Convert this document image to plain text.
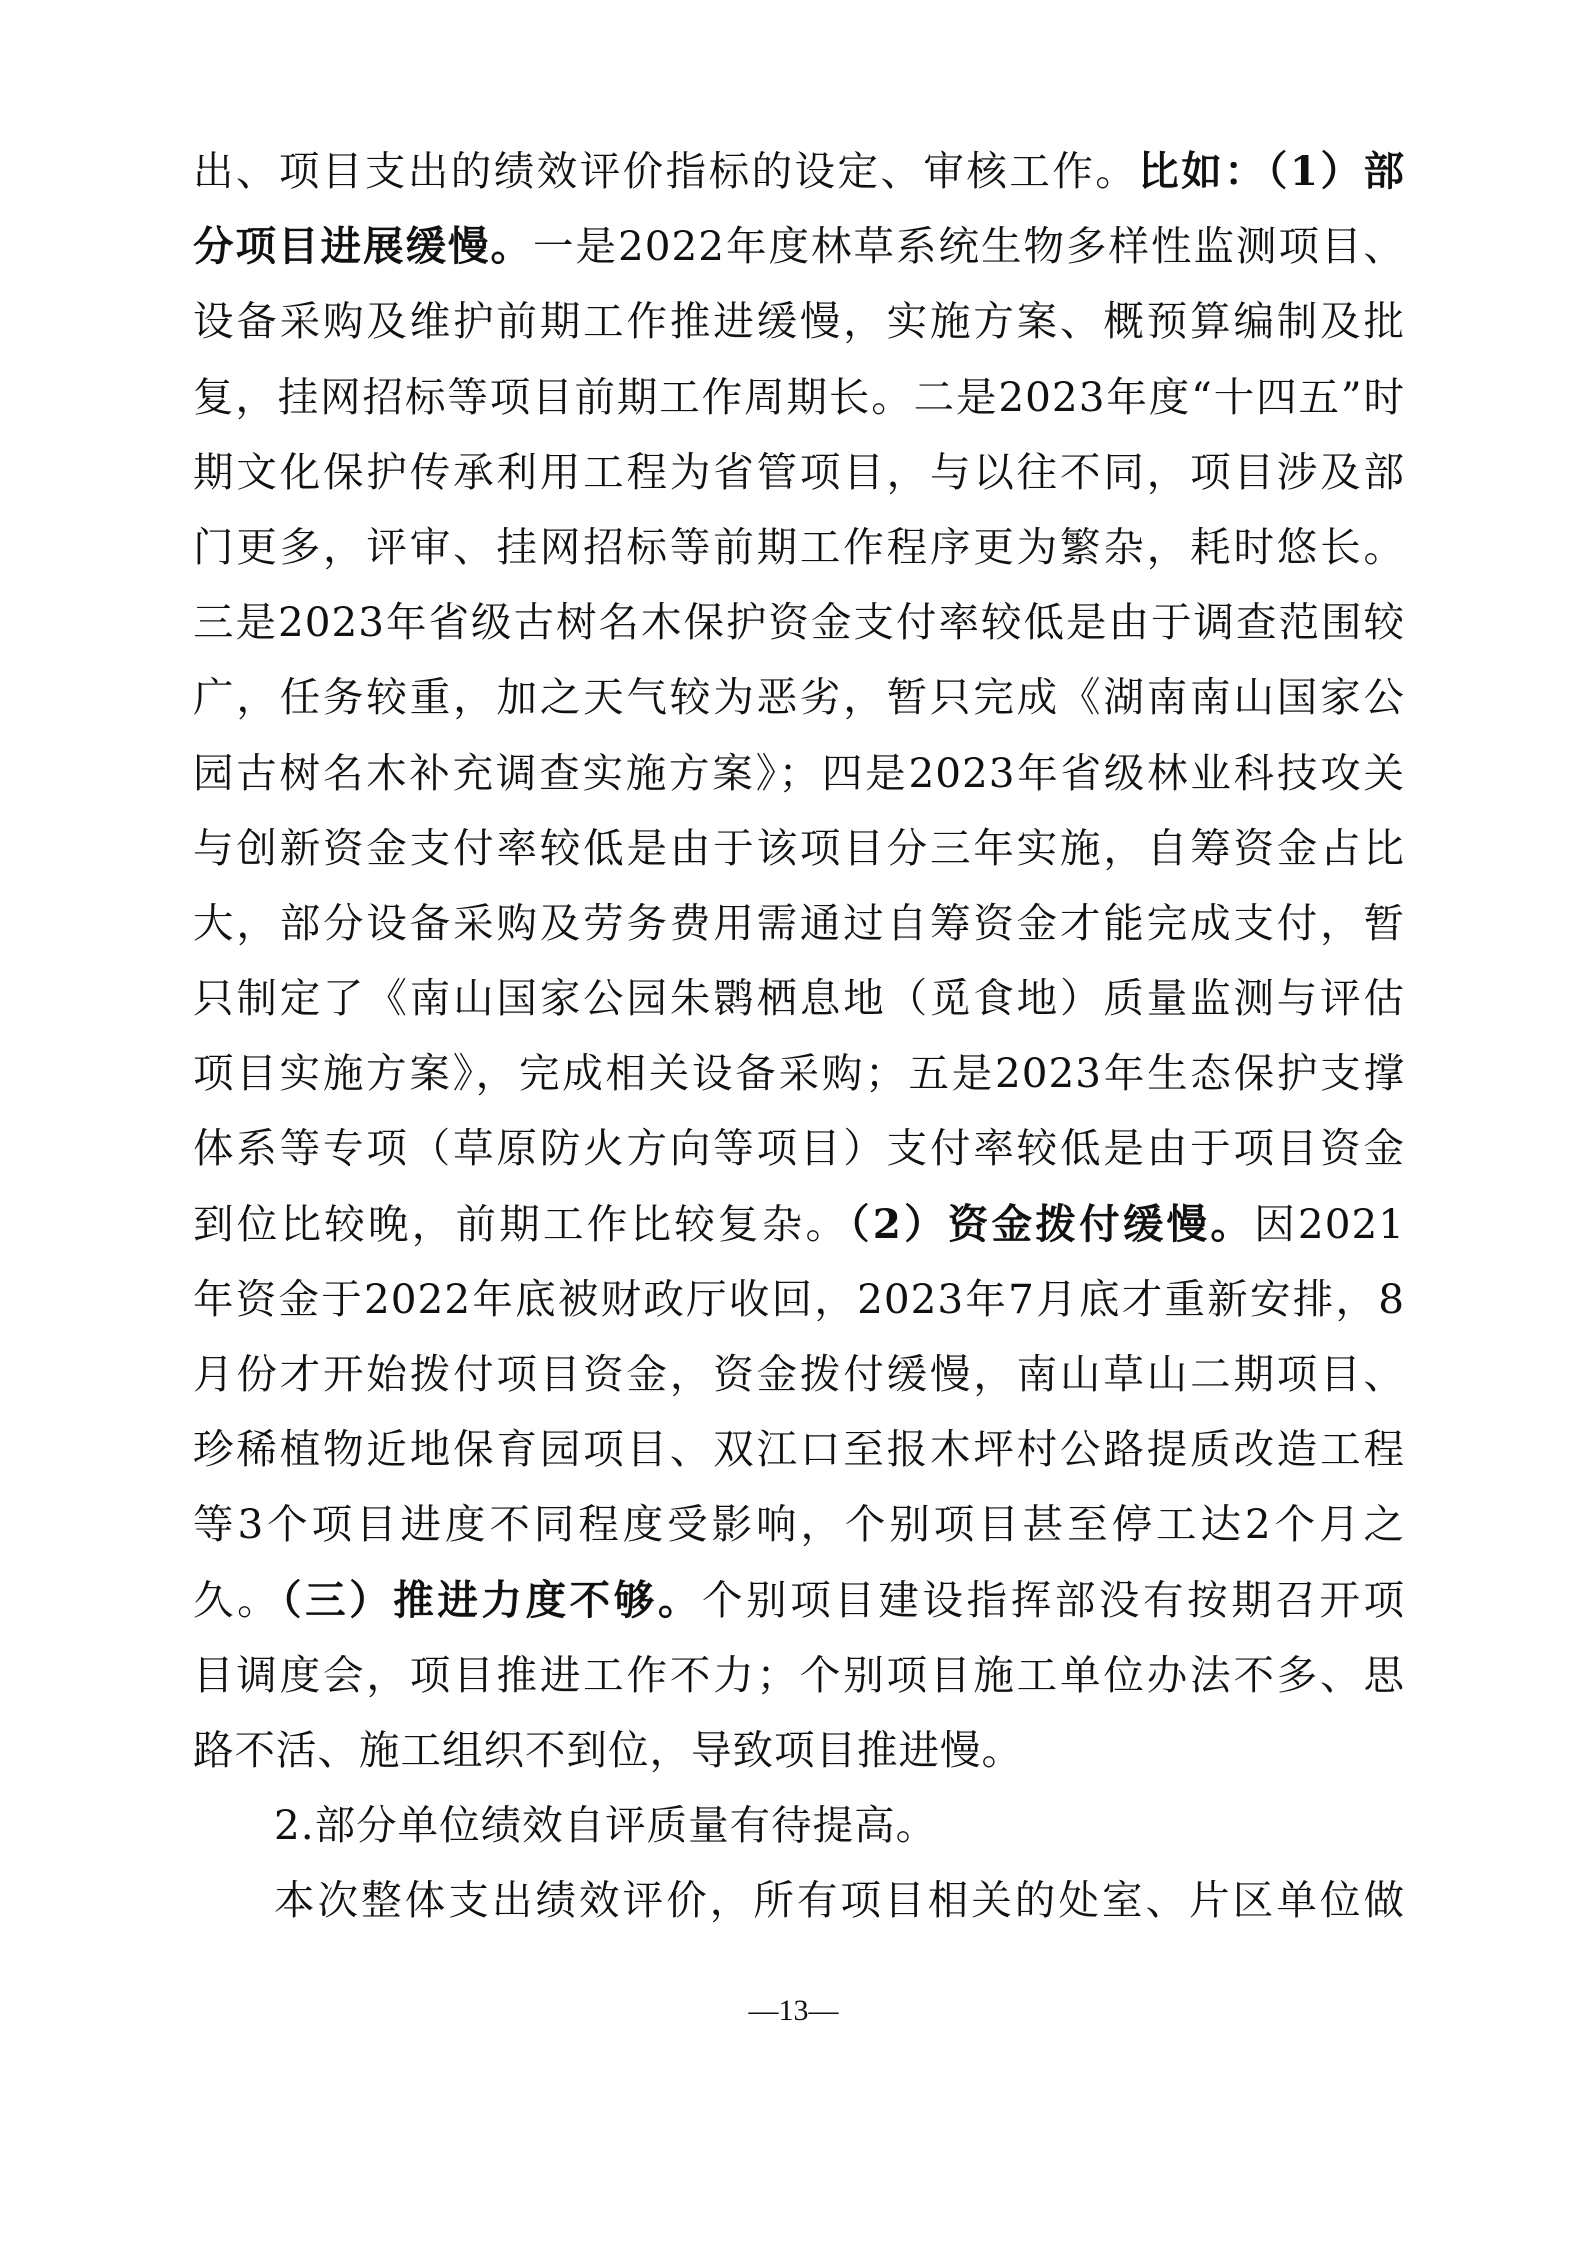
出、项目支出的绩效评价指标的设定、审核工作。比如：（1）部
分项目进展缓慢。一是2022年度林草系统生物多样性监测项目、
设备采购及维护前期工作推进缓慢，实施方案、概预算编制及批
复，挂网招标等项目前期工作周期长。二是2023年度“十四五”时
期文化保护传承利用工程为省管项目，与以往不同，项目涉及部
门更多，评审、挂网招标等前期工作程序更为繁杂，耗时悠长。
三是2023年省级古树名木保护资金支付率较低是由于调查范围较
广，任务较重，加之天气较为恶劣，暂只完成《湖南南山国家公
园古树名木补充调查实施方案》；四是2023年省级林业科技攻关
与创新资金支付率较低是由于该项目分三年实施，自筹资金占比
大，部分设备采购及劳务费用需通过自筹资金才能完成支付，暂
只制定了《南山国家公园朱鹮栖息地（觅食地）质量监测与评估
项目实施方案》，完成相关设备采购；五是2023年生态保护支撑
体系等专项（草原防火方向等项目）支付率较低是由于项目资金
到位比较晚，前期工作比较复杂。（2）资金拨付缓慢。因2021
年资金于2022年底被财政厅收回，2023年7月底才重新安排，8
月份才开始拨付项目资金，资金拨付缓慢，南山草山二期项目、
珍稀植物近地保育园项目、双江口至报木坪村公路提质改造工程
等3个项目进度不同程度受影响，个别项目甚至停工达2个月之
久。（三）推进力度不够。个别项目建设指挥部没有按期召开项
目调度会，项目推进工作不力；个别项目施工单位办法不多、思
路不活、施工组织不到位，导致项目推进慢。
2.部分单位绩效自评质量有待提高。
本次整体支出绩效评价，所有项目相关的处室、片区单位做
—13—
